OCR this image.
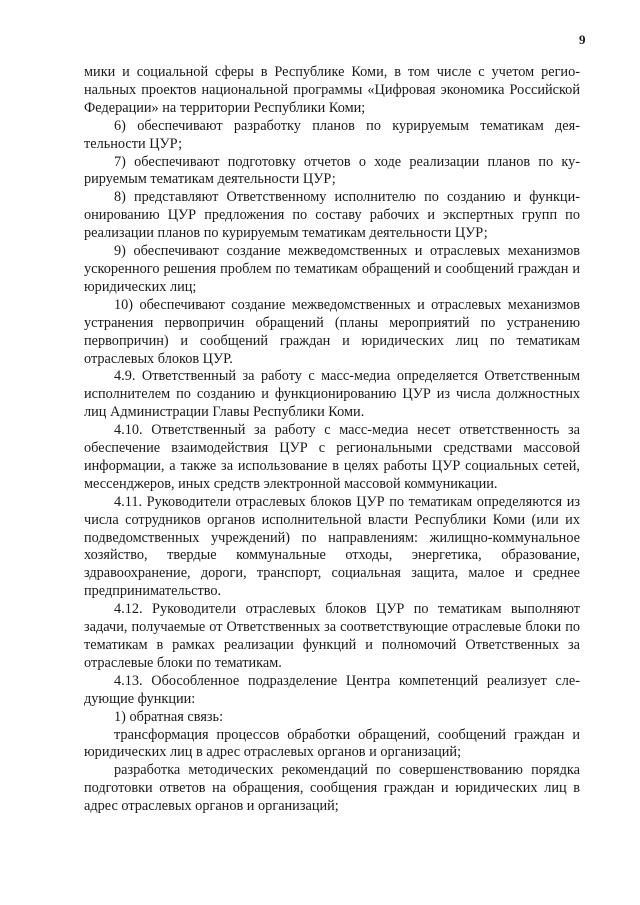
9

мики и социальной сферы в Республике Коми, в том числе с учетом региональных проектов национальной программы «Цифровая экономика Российской Федерации» на территории Республики Коми;

6) обеспечивают разработку планов по курируемым тематикам деятельности ЦУР;

7) обеспечивают подготовку отчетов о ходе реализации планов по курируемым тематикам деятельности ЦУР;

8) представляют Ответственному исполнителю по созданию и функционированию ЦУР предложения по составу рабочих и экспертных групп по реализации планов по курируемым тематикам деятельности ЦУР;

9) обеспечивают создание межведомственных и отраслевых механизмов ускоренного решения проблем по тематикам обращений и сообщений граждан и юридических лиц;

10) обеспечивают создание межведомственных и отраслевых механизмов устранения первопричин обращений (планы мероприятий по устранению первопричин) и сообщений граждан и юридических лиц по тематикам отраслевых блоков ЦУР.

4.9. Ответственный за работу с масс-медиа определяется Ответственным исполнителем по созданию и функционированию ЦУР из числа должностных лиц Администрации Главы Республики Коми.

4.10. Ответственный за работу с масс-медиа несет ответственность за обеспечение взаимодействия ЦУР с региональными средствами массовой информации, а также за использование в целях работы ЦУР социальных сетей, мессенджеров, иных средств электронной массовой коммуникации.

4.11. Руководители отраслевых блоков ЦУР по тематикам определяются из числа сотрудников органов исполнительной власти Республики Коми (или их подведомственных учреждений) по направлениям: жилищно-коммунальное хозяйство, твердые коммунальные отходы, энергетика, образование, здравоохранение, дороги, транспорт, социальная защита, малое и среднее предпринимательство.

4.12. Руководители отраслевых блоков ЦУР по тематикам выполняют задачи, получаемые от Ответственных за соответствующие отраслевые блоки по тематикам в рамках реализации функций и полномочий Ответственных за отраслевые блоки по тематикам.

4.13. Обособленное подразделение Центра компетенций реализует следующие функции:

1) обратная связь:

трансформация процессов обработки обращений, сообщений граждан и юридических лиц в адрес отраслевых органов и организаций;

разработка методических рекомендаций по совершенствованию порядка подготовки ответов на обращения, сообщения граждан и юридических лиц в адрес отраслевых органов и организаций;
